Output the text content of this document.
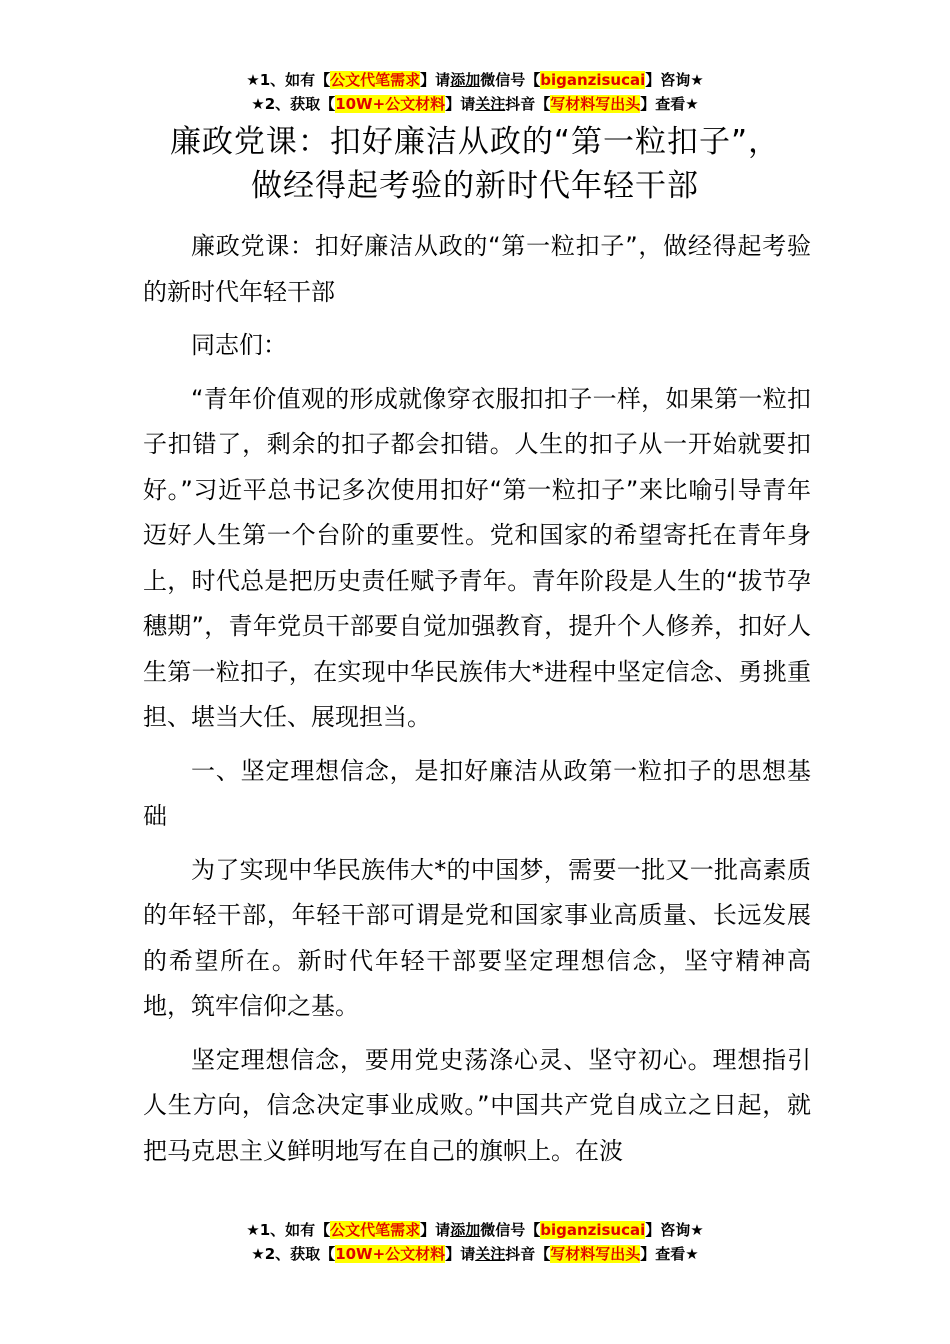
★1、如有【公文代笔需求】请添加微信号【biganzisucai】咨询★
★2、获取【10W+公文材料】请关注抖音【写材料写出头】查看★
廉政党课：扣好廉洁从政的“第一粒扣子”，
做经得起考验的新时代年轻干部

廉政党课：扣好廉洁从政的“第一粒扣子”，做经得起考验的新时代年轻干部

同志们：

“青年价值观的形成就像穿衣服扣扣子一样，如果第一粒扣子扣错了，剩余的扣子都会扣错。人生的扣子从一开始就要扣好。”习近平总书记多次使用扣好“第一粒扣子”来比喻引导青年迈好人生第一个台阶的重要性。党和国家的希望寄托在青年身上，时代总是把历史责任赋予青年。青年阶段是人生的“拔节孕穗期”，青年党员干部要自觉加强教育，提升个人修养，扣好人生第一粒扣子，在实现中华民族伟大*进程中坚定信念、勇挑重担、堪当大任、展现担当。

一、坚定理想信念，是扣好廉洁从政第一粒扣子的思想基础

为了实现中华民族伟大*的中国梦，需要一批又一批高素质的年轻干部，年轻干部可谓是党和国家事业高质量、长远发展的希望所在。新时代年轻干部要坚定理想信念，坚守精神高地，筑牢信仰之基。

坚定理想信念，要用党史荡涤心灵、坚守初心。理想指引人生方向，信念决定事业成败。”中国共产党自成立之日起，就把马克思主义鲜明地写在自己的旗帜上。在波

★1、如有【公文代笔需求】请添加微信号【biganzisucai】咨询★
★2、获取【10W+公文材料】请关注抖音【写材料写出头】查看★
